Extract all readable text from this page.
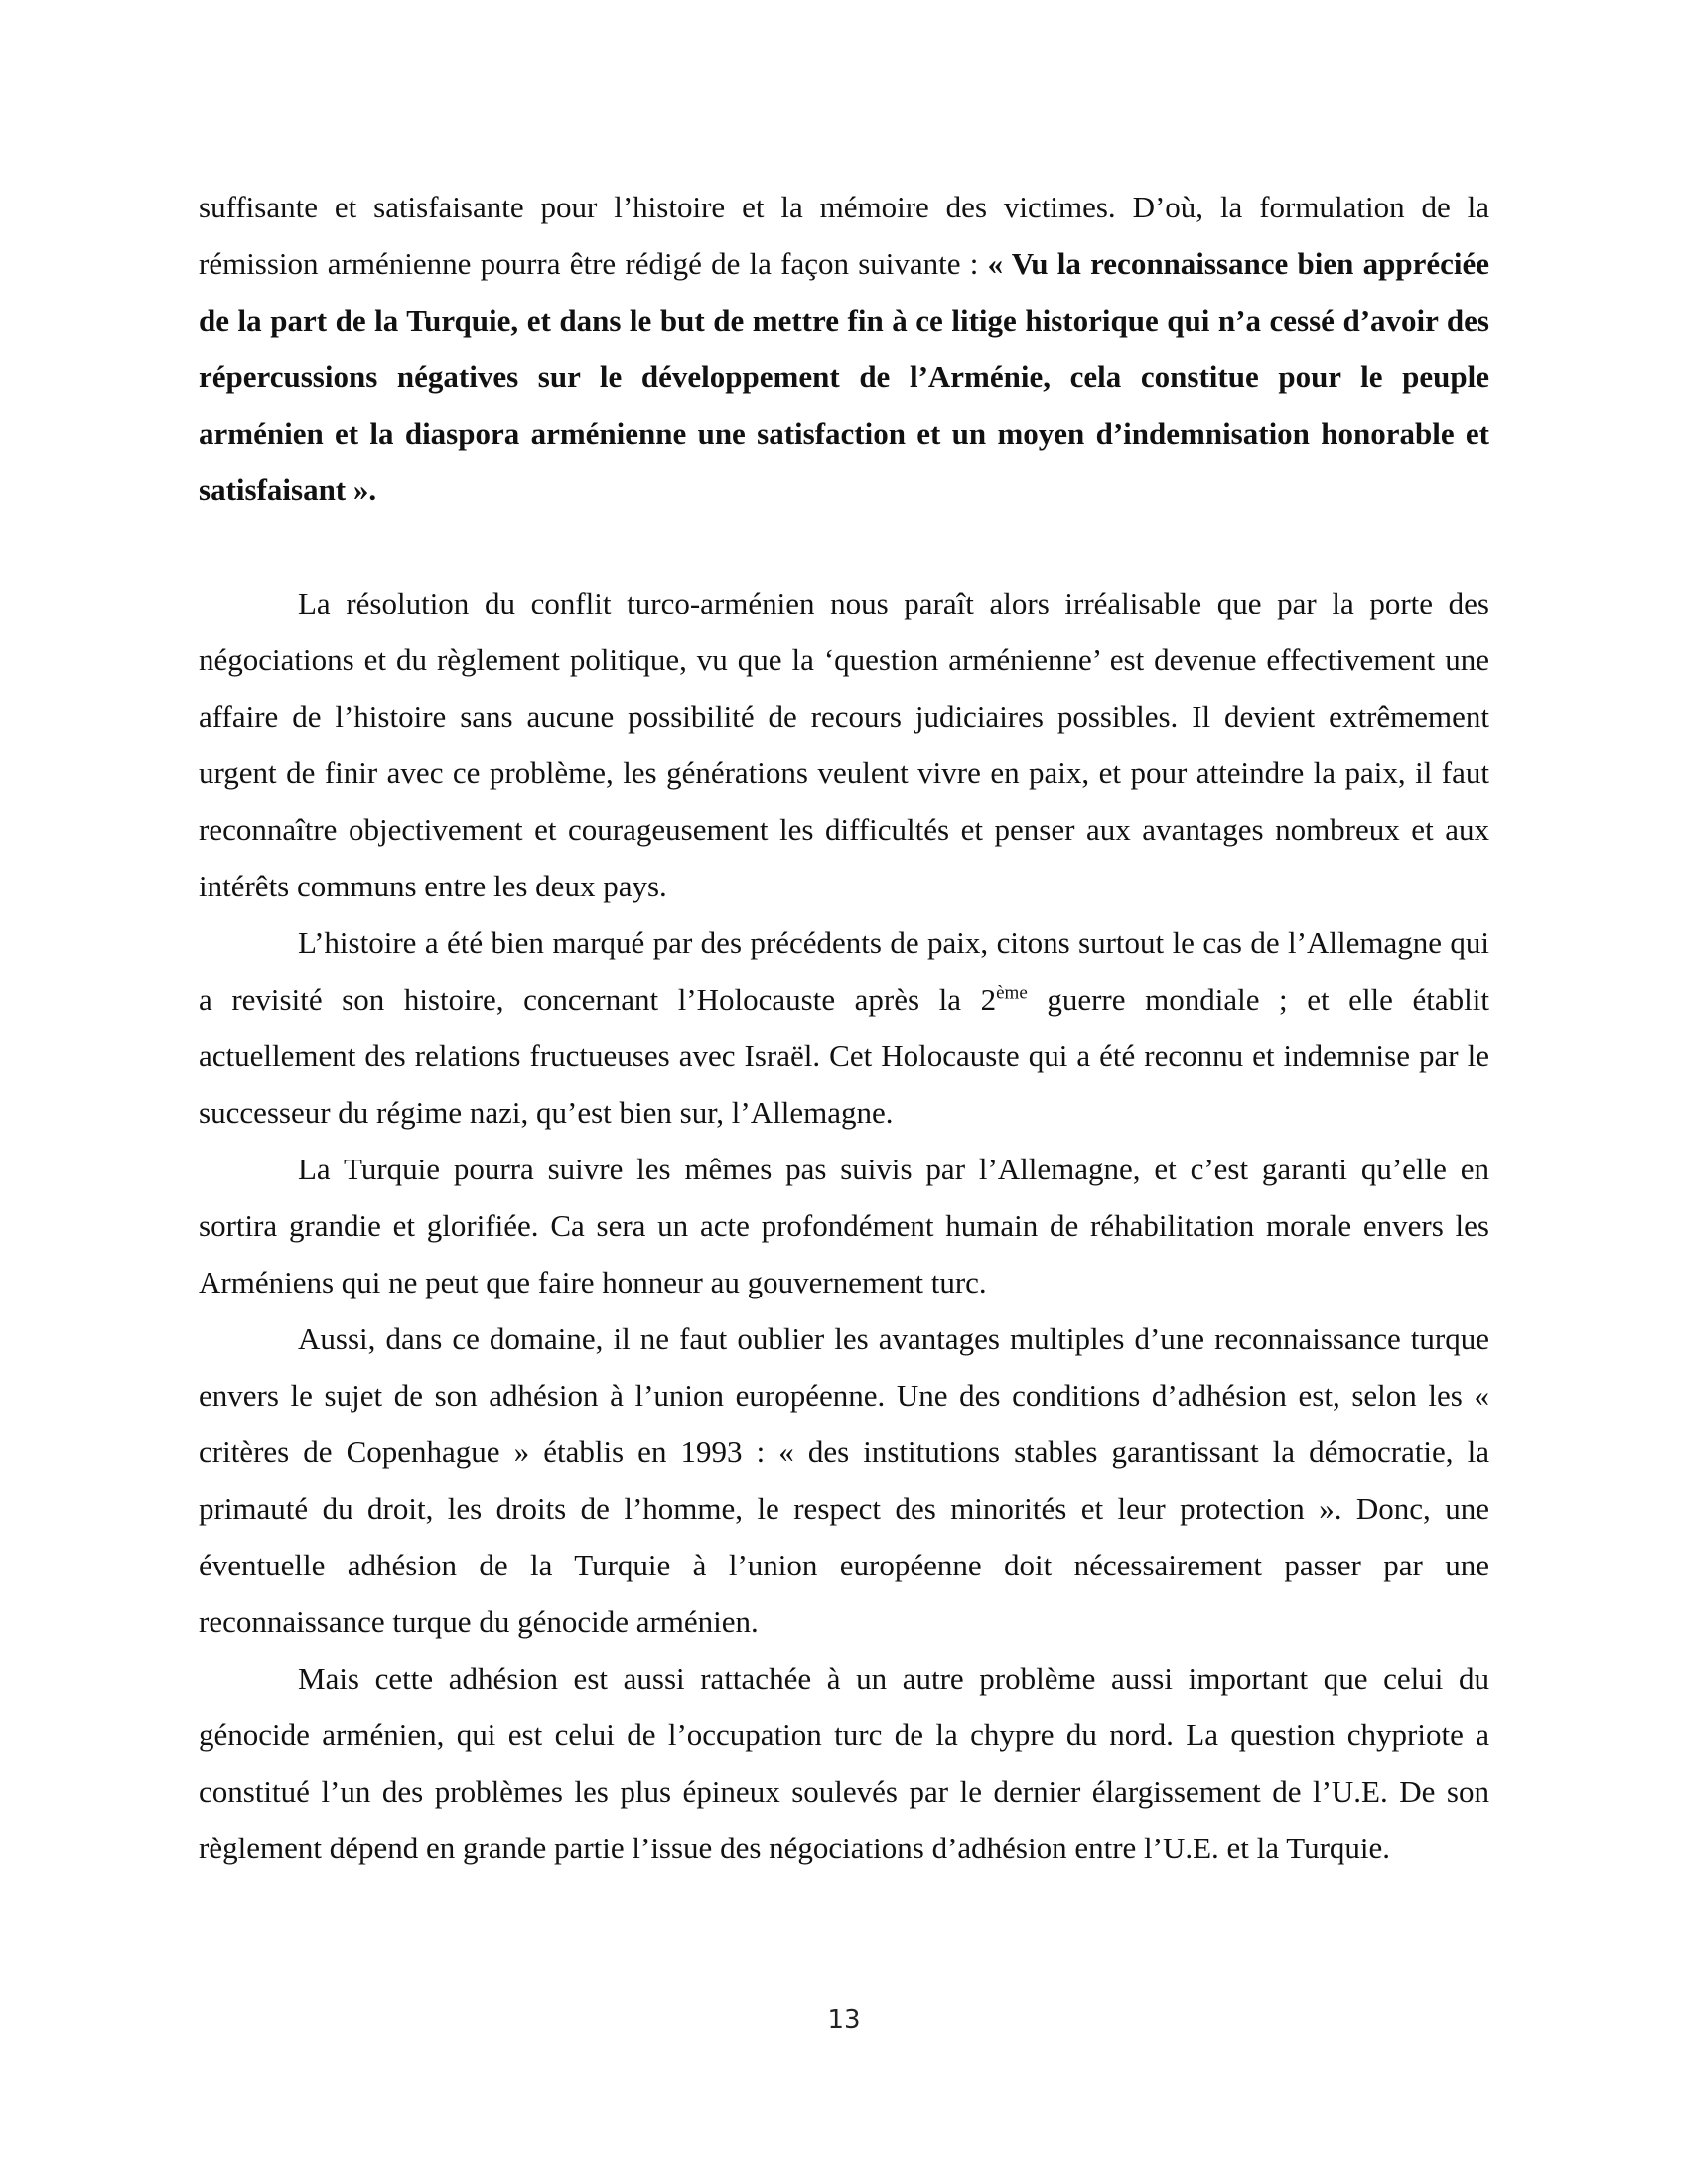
suffisante et satisfaisante pour l’histoire et la mémoire des victimes. D’où, la formulation de la rémission arménienne pourra être rédigé de la façon suivante : « Vu la reconnaissance bien appréciée de la part de la Turquie, et dans le but de mettre fin à ce litige historique qui n’a cessé d’avoir des répercussions négatives sur le développement de l’Arménie, cela constitue pour le peuple arménien et la diaspora arménienne une satisfaction et un moyen d’indemnisation honorable et satisfaisant ».

La résolution du conflit turco-arménien nous paraît alors irréalisable que par la porte des négociations et du règlement politique, vu que la ‘question arménienne’ est devenue effectivement une affaire de l’histoire sans aucune possibilité de recours judiciaires possibles. Il devient extrêmement urgent de finir avec ce problème, les générations veulent vivre en paix, et pour atteindre la paix, il faut reconnaître objectivement et courageusement les difficultés et penser aux avantages nombreux et aux intérêts communs entre les deux pays.

L’histoire a été bien marqué par des précédents de paix, citons surtout le cas de l’Allemagne qui a revisité son histoire, concernant l’Holocauste après la 2ème guerre mondiale ; et elle établit actuellement des relations fructueuses avec Israël. Cet Holocauste qui a été reconnu et indemnise par le successeur du régime nazi, qu’est bien sur, l’Allemagne.

La Turquie pourra suivre les mêmes pas suivis par l’Allemagne, et c’est garanti qu’elle en sortira grandie et glorifiée. Ca sera un acte profondément humain de réhabilitation morale envers les Arméniens qui ne peut que faire honneur au gouvernement turc.

Aussi, dans ce domaine, il ne faut oublier les avantages multiples d’une reconnaissance turque envers le sujet de son adhésion à l’union européenne. Une des conditions d’adhésion est, selon les « critères de Copenhague » établis en 1993 : « des institutions stables garantissant la démocratie, la primauté du droit, les droits de l’homme, le respect des minorités et leur protection ». Donc, une éventuelle adhésion de la Turquie à l’union européenne doit nécessairement passer par une reconnaissance turque du génocide arménien.

Mais cette adhésion est aussi rattachée à un autre problème aussi important que celui du génocide arménien, qui est celui de l’occupation turc de la chypre du nord. La question chypriote a constitué l’un des problèmes les plus épineux soulevés par le dernier élargissement de l’U.E. De son règlement dépend en grande partie l’issue des négociations d’adhésion entre l’U.E. et la Turquie.

13
